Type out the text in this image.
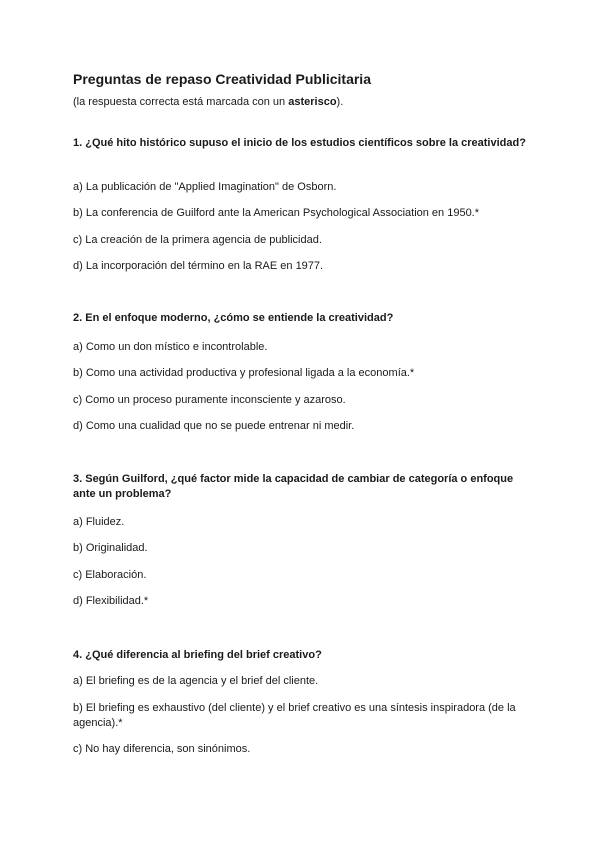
Preguntas de repaso Creatividad Publicitaria

(la respuesta correcta está marcada con un asterisco).

1. ¿Qué hito histórico supuso el inicio de los estudios científicos sobre la creatividad?

a) La publicación de "Applied Imagination" de Osborn.

b) La conferencia de Guilford ante la American Psychological Association en 1950.*

c) La creación de la primera agencia de publicidad.

d) La incorporación del término en la RAE en 1977.

2. En el enfoque moderno, ¿cómo se entiende la creatividad?

a) Como un don místico e incontrolable.

b) Como una actividad productiva y profesional ligada a la economía.*

c) Como un proceso puramente inconsciente y azaroso.

d) Como una cualidad que no se puede entrenar ni medir.

3. Según Guilford, ¿qué factor mide la capacidad de cambiar de categoría o enfoque ante un problema?

a) Fluidez.

b) Originalidad.

c) Elaboración.

d) Flexibilidad.*

4. ¿Qué diferencia al briefing del brief creativo?

a) El briefing es de la agencia y el brief del cliente.

b) El briefing es exhaustivo (del cliente) y el brief creativo es una síntesis inspiradora (de la agencia).*

c) No hay diferencia, son sinónimos.
